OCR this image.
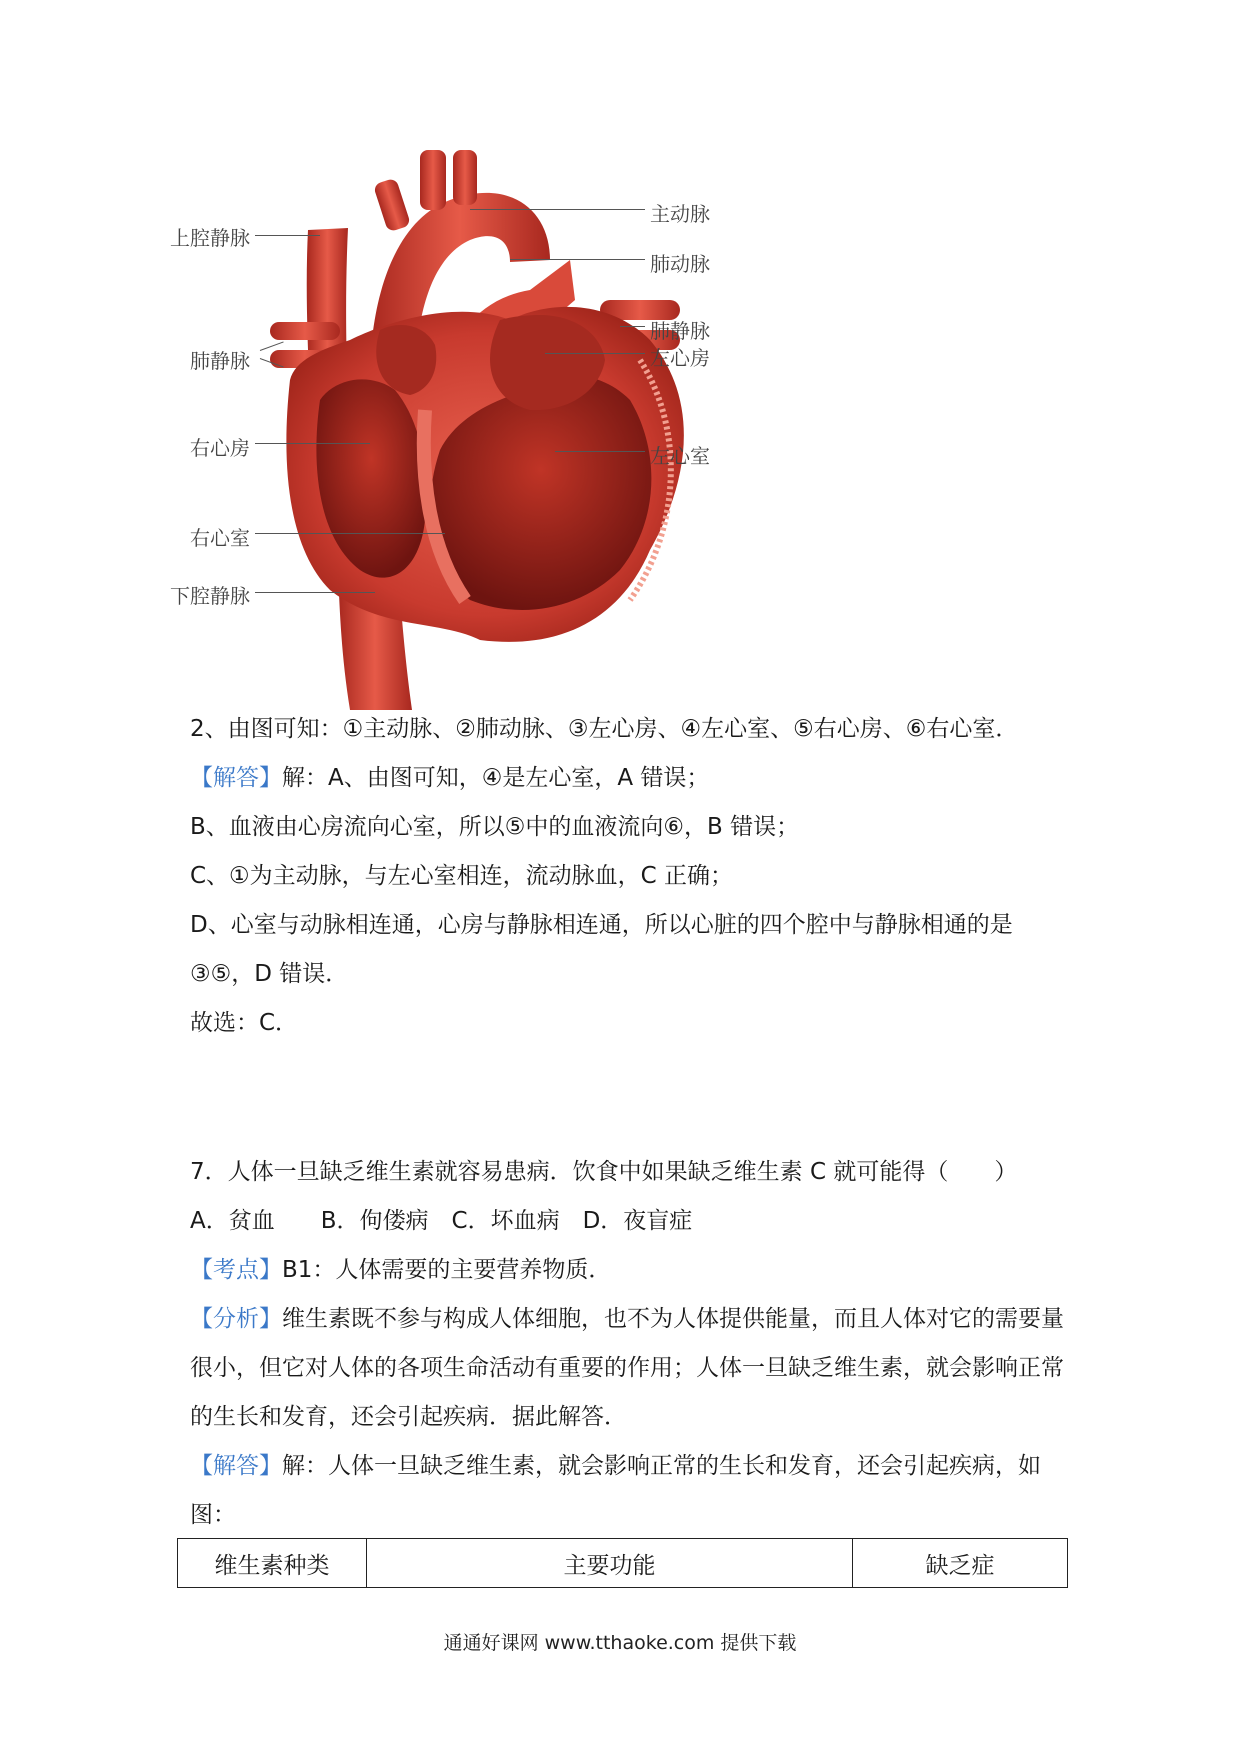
上腔静脉
主动脉
肺动脉
肺静脉
左心房
肺静脉
右心房	左心室
右心室
下腔静脉

2、由图可知：①主动脉、②肺动脉、③左心房、④左心室、⑤右心房、⑥右心室．

【解答】解：A、由图可知，④是左心室，A 错误；

B、血液由心房流向心室，所以⑤中的血液流向⑥，B 错误；

C、①为主动脉，与左心室相连，流动脉血，C 正确；

D、心室与动脉相连通，心房与静脉相连通，所以心脏的四个腔中与静脉相通的是③⑤，D 错误．

故选：C．

7．人体一旦缺乏维生素就容易患病．饮食中如果缺乏维生素 C 就可能得（　　）

A．贫血　　B．佝偻病　C．坏血病　D．夜盲症

【考点】B1：人体需要的主要营养物质．

【分析】维生素既不参与构成人体细胞，也不为人体提供能量，而且人体对它的需要量很小，但它对人体的各项生命活动有重要的作用；人体一旦缺乏维生素，就会影响正常的生长和发育，还会引起疾病．据此解答．

【解答】解：人体一旦缺乏维生素，就会影响正常的生长和发育，还会引起疾病，如图：

维生素种类	主要功能	缺乏症
通通好课网 www.tthaoke.com 提供下载
